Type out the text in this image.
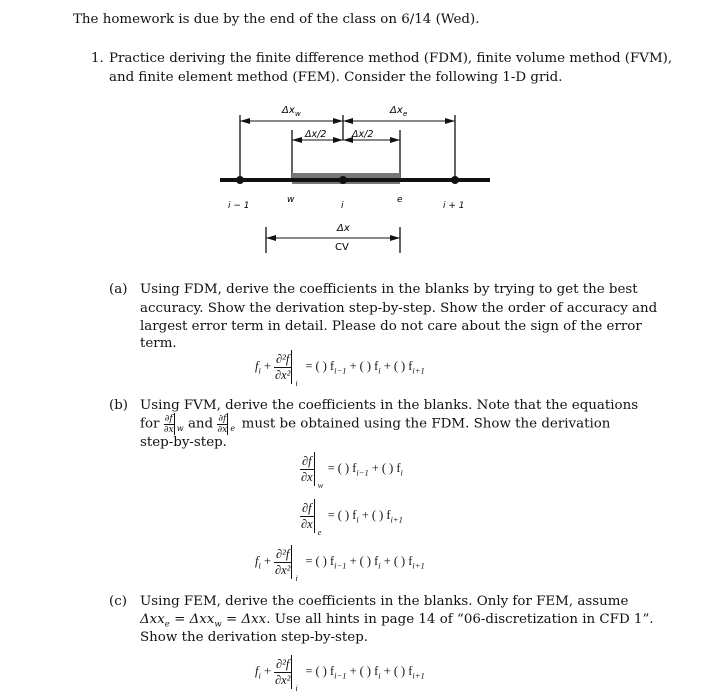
The homework is due by the end of the class on 6/14 (Wed).
1. Practice deriving the finite difference method (FDM), finite volume method (FVM),
and finite element method (FEM). Consider the following 1-D grid.
Δx w	Δx e
Δx/2	Δx/2
i − 1
w
i
e
i + 1
Δx
CV
(a) Using FDM, derive the coefficients in the blanks by trying to get the best
accuracy. Show the derivation step-by-step. Show the order of accuracy and
largest error term in detail. Please do not care about the sign of the error
term.
$f_i + \frac{\text{∂²f}}{\text{∂x²}}$
i
= ( ) $f_{i-1}$ + ( ) $f_i$ + ( ) $f_{i+1}$
(b) Using FVM, derive the coefficients in the blanks. Note that the equations
for $\frac{\partial f}{\partial x}$ w and $\frac{\partial f}{\partial x}$ e must be obtained using the FDM. Show the derivation
step-by-step.
$\frac{\partial f}{\partial x}$
w
= ( ) $f_{i-1}$ + ( ) $f_i$
$\frac{\partial f}{\partial x}$
e
= ( ) $f_i$ + ( ) $f_{i+1}$
$f_i + \frac{\text{∂²f}}{\text{∂x²}}$
i
= ( ) $f_{i-1}$ + ( ) $f_i$ + ( ) $f_{i+1}$
(c) Using FEM, derive the coefficients in the blanks. Only for FEM, assume
Δxx$_e$ = Δxx$_w$ = Δxx. Use all hints in page 14 of “06-discretization in CFD 1”.
Show the derivation step-by-step.
$f_i + \frac{\text{∂²f}}{\text{∂x²}}$
i
= ( ) $f_{i-1}$ + ( ) $f_i$ + ( ) $f_{i+1}$
